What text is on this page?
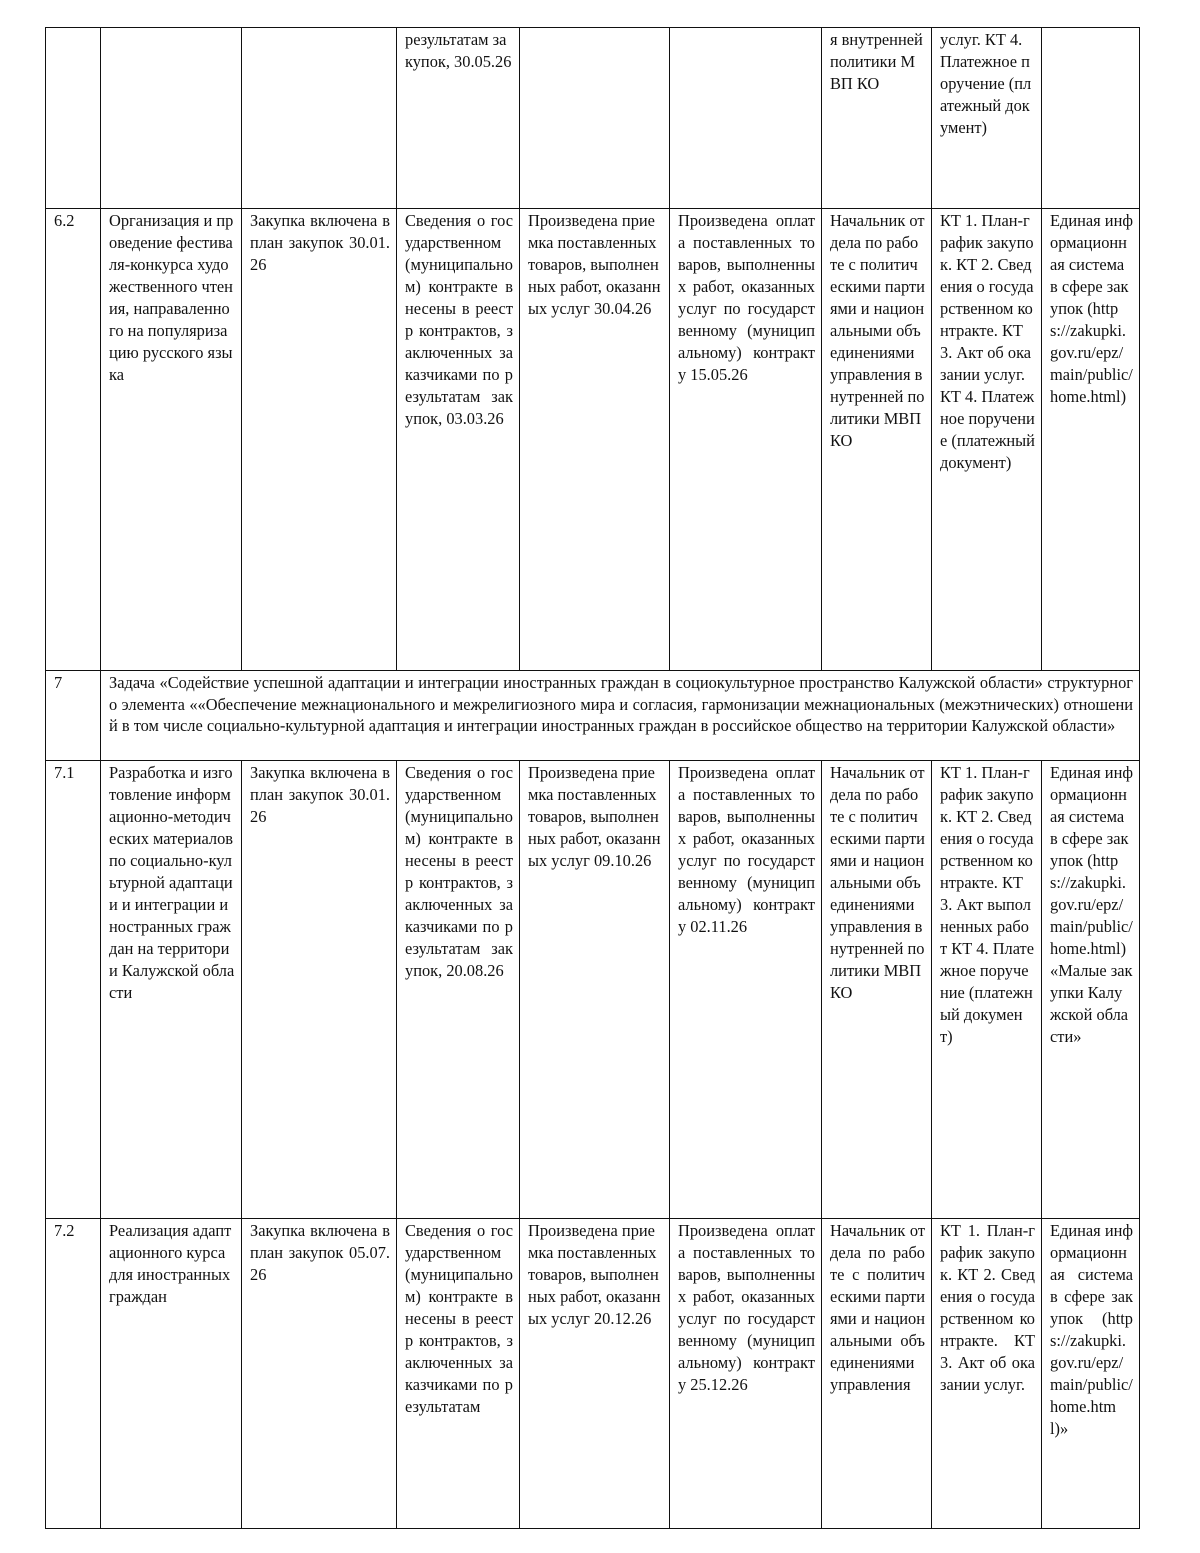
			результатам закупок, 30.05.26			я внутренней политики МВП КО	услуг. КТ 4. Платежное поручение (платежный документ)	
6.2	Организация и проведение фестиваля-конкурса художественного чтения, направаленного на популяризацию русского языка	Закупка включена в план закупок 30.01.26	Сведения о государственном (муниципальном) контракте внесены в реестр контрактов, заключенных заказчиками по результатам закупок, 03.03.26	Произведена приемка поставленных товаров, выполненных работ, оказанных услуг 30.04.26	Произведена оплата поставленных товаров, выполненных работ, оказанных услуг по государственному (муниципальному) контракту 15.05.26	Начальник отдела по работе с политическими партиями и национальными объединениями управления внутренней политики МВП КО	КТ 1. План-график закупок. КТ 2. Сведения о государственном контракте. КТ 3. Акт об оказании услуг. КТ 4. Платежное поручение (платежный документ)	Единая информационная система в сфере закупок (https://zakupki.gov.ru/epz/main/public/home.html)
7	Задача «Содействие успешной адаптации и интеграции иностранных граждан в социокультурное пространство Калужской области» структурного элемента ««Обеспечение межнационального и межрелигиозного мира и согласия, гармонизации межнациональных (межэтнических) отношений в том числе социально-культурной адаптация и интеграции иностранных граждан в российское общество на территории Калужской области»							
7.1	Разработка и изготовление информационно-методических материалов по социально-культурной адаптации и интеграции иностранных граждан на территории Калужской области	Закупка включена в план закупок 30.01.26	Сведения о государственном (муниципальном) контракте внесены в реестр контрактов, заключенных заказчиками по результатам закупок, 20.08.26	Произведена приемка поставленных товаров, выполненных работ, оказанных услуг 09.10.26	Произведена оплата поставленных товаров, выполненных работ, оказанных услуг по государственному (муниципальному) контракту 02.11.26	Начальник отдела по работе с политическими партиями и национальными объединениями управления внутренней политики МВП КО	КТ 1. План-график закупок. КТ 2. Сведения о государственном контракте. КТ 3. Акт выполненных работ КТ 4. Платежное поручение (платежный документ)	Единая информационная система в сфере закупок (https://zakupki.gov.ru/epz/main/public/home.html) «Малые закупки Калужской области»
7.2	Реализация адаптационного курса для иностранных граждан	Закупка включена в план закупок 05.07.26	Сведения о государственном (муниципальном) контракте внесены в реестр контрактов, заключенных заказчиками по результатам	Произведена приемка поставленных товаров, выполненных работ, оказанных услуг 20.12.26	Произведена оплата поставленных товаров, выполненных работ, оказанных услуг по государственному (муниципальному) контракту 25.12.26	Начальник отдела по работе с политическими партиями и национальными объединениями управления	КТ 1. План-график закупок. КТ 2. Сведения о государственном контракте. КТ 3. Акт об оказании услуг.	Единая информационная система в сфере закупок (https://zakupki.gov.ru/epz/main/public/home.html)»
